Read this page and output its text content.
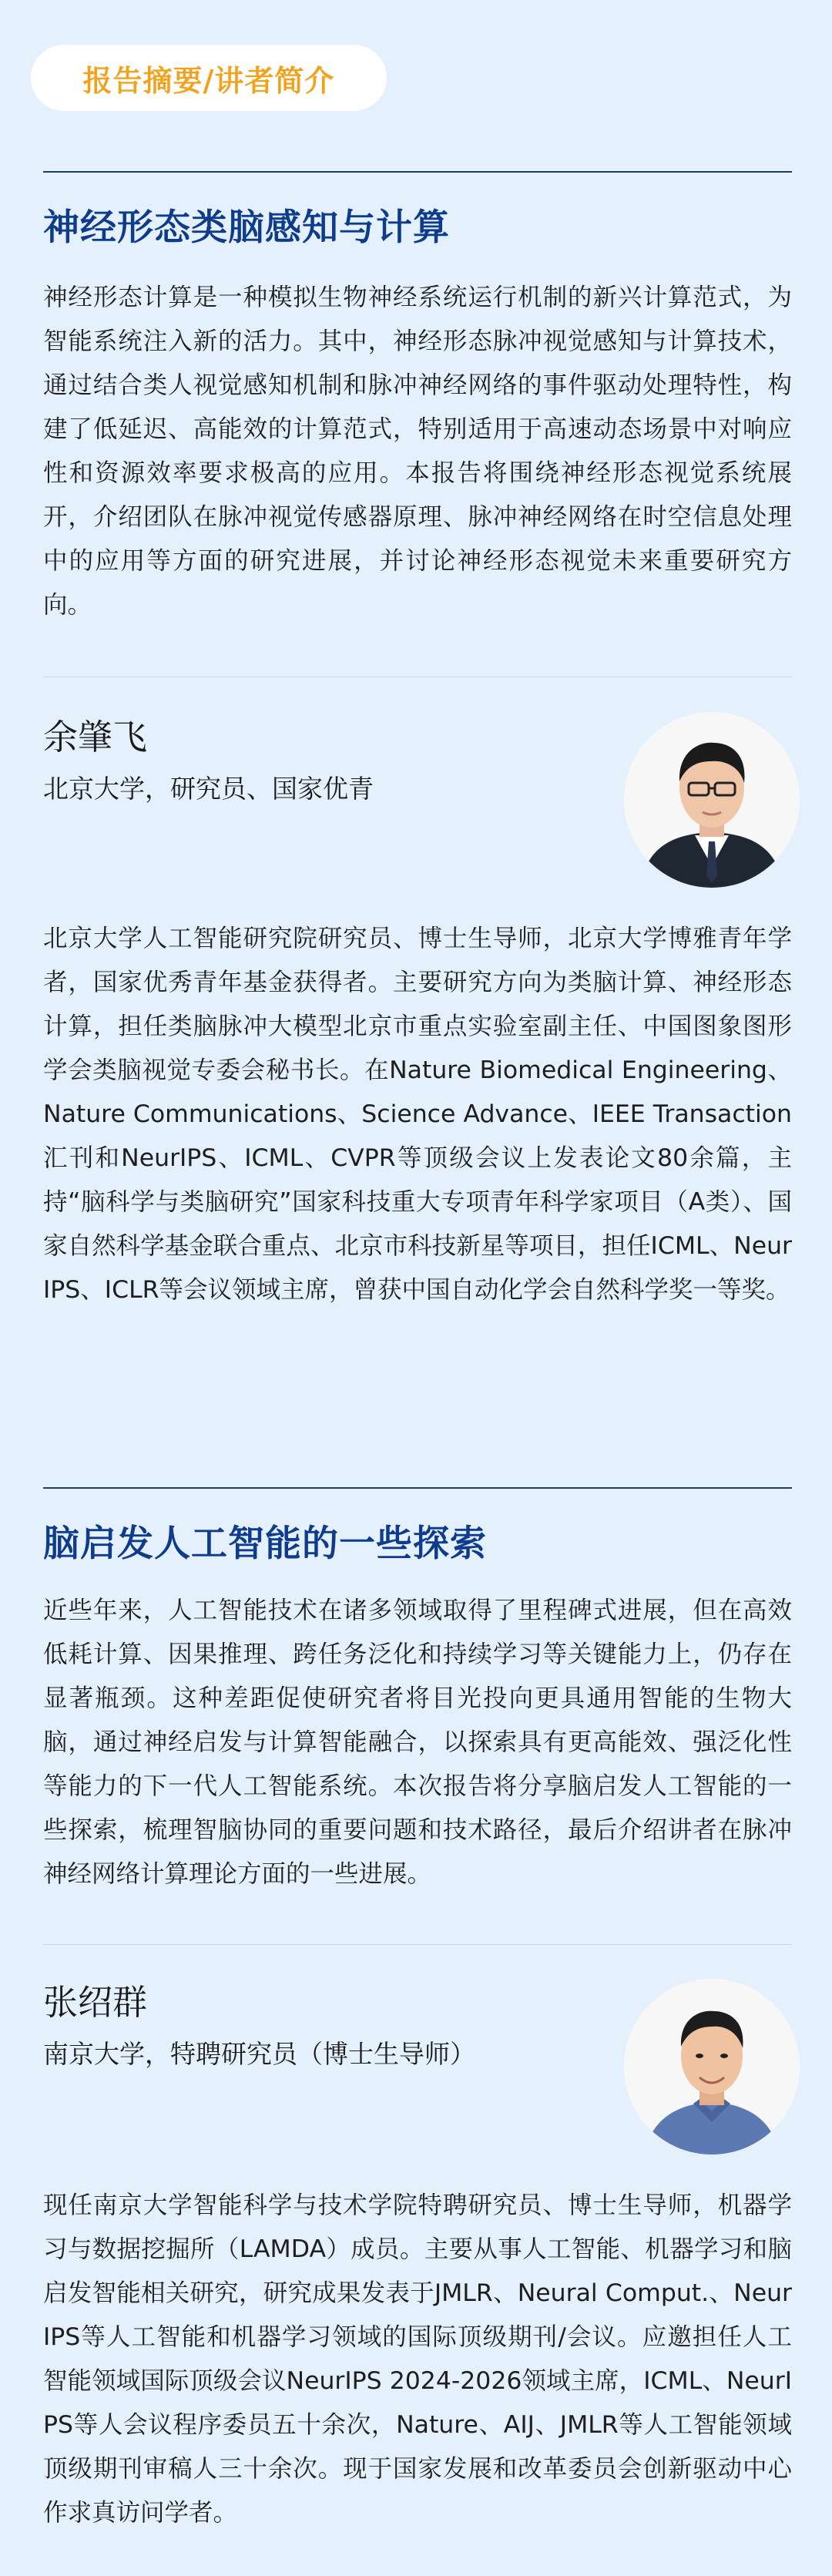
报告摘要/讲者简介
神经形态类脑感知与计算

神经形态计算是一种模拟生物神经系统运行机制的新兴计算范式，为智能系统注入新的活力。其中，神经形态脉冲视觉感知与计算技术，通过结合类人视觉感知机制和脉冲神经网络的事件驱动处理特性，构建了低延迟、高能效的计算范式，特别适用于高速动态场景中对响应性和资源效率要求极高的应用。本报告将围绕神经形态视觉系统展开，介绍团队在脉冲视觉传感器原理、脉冲神经网络在时空信息处理中的应用等方面的研究进展，并讨论神经形态视觉未来重要研究方向。

余肇飞
北京大学，研究员、国家优青

北京大学人工智能研究院研究员、博士生导师，北京大学博雅青年学者，国家优秀青年基金获得者。主要研究方向为类脑计算、神经形态计算，担任类脑脉冲大模型北京市重点实验室副主任、中国图象图形学会类脑视觉专委会秘书长。在Nature Biomedical Engineering、Nature Communications、Science Advance、IEEE Transaction汇刊和NeurIPS、ICML、CVPR等顶级会议上发表论文80余篇，主持“脑科学与类脑研究”国家科技重大专项青年科学家项目（A类）、国家自然科学基金联合重点、北京市科技新星等项目，担任ICML、NeurIPS、ICLR等会议领域主席，曾获中国自动化学会自然科学奖一等奖。

脑启发人工智能的一些探索

近些年来，人工智能技术在诸多领域取得了里程碑式进展，但在高效低耗计算、因果推理、跨任务泛化和持续学习等关键能力上，仍存在显著瓶颈。这种差距促使研究者将目光投向更具通用智能的生物大脑，通过神经启发与计算智能融合，以探索具有更高能效、强泛化性等能力的下一代人工智能系统。本次报告将分享脑启发人工智能的一些探索，梳理智脑协同的重要问题和技术路径，最后介绍讲者在脉冲神经网络计算理论方面的一些进展。

张绍群
南京大学，特聘研究员（博士生导师）

现任南京大学智能科学与技术学院特聘研究员、博士生导师，机器学习与数据挖掘所（LAMDA）成员。主要从事人工智能、机器学习和脑启发智能相关研究，研究成果发表于JMLR、Neural Comput.、NeurIPS等人工智能和机器学习领域的国际顶级期刊/会议。应邀担任人工智能领域国际顶级会议NeurIPS 2024-2026领域主席，ICML、NeurIPS等人会议程序委员五十余次，Nature、AIJ、JMLR等人工智能领域顶级期刊审稿人三十余次。现于国家发展和改革委员会创新驱动中心作求真访问学者。
